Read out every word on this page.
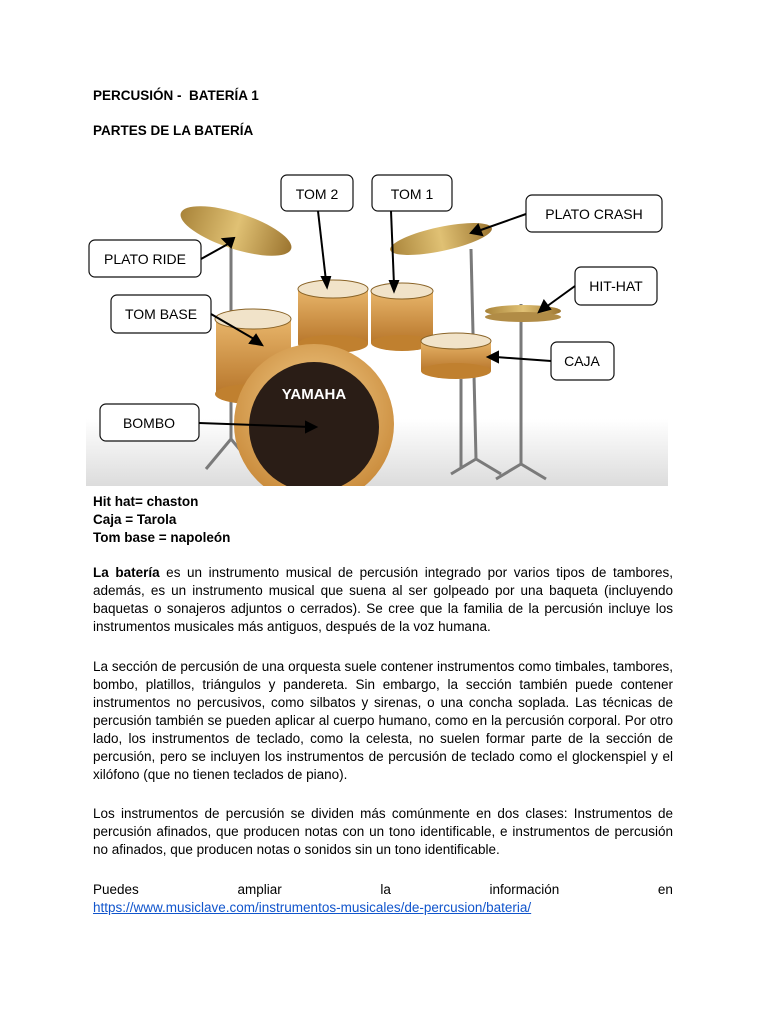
PERCUSIÓN -  BATERÍA 1
PARTES DE LA BATERÍA
YAMAHA
TOM 2	TOM 1
PLATO CRASH
PLATO RIDE
HIT-HAT
TOM BASE
CAJA
BOMBO
Hit hat= chaston
Caja = Tarola
Tom base = napoleón

La batería es un instrumento musical de percusión integrado por varios tipos de tambores, además, es un instrumento musical que suena al ser golpeado por una baqueta (incluyendo baquetas o sonajeros adjuntos o cerrados). Se cree que la familia de la percusión incluye los instrumentos musicales más antiguos, después de la voz humana.

La sección de percusión de una orquesta suele contener instrumentos como timbales, tambores, bombo, platillos, triángulos y pandereta. Sin embargo, la sección también puede contener instrumentos no percusivos, como silbatos y sirenas, o una concha soplada. Las técnicas de percusión también se pueden aplicar al cuerpo humano, como en la percusión corporal. Por otro lado, los instrumentos de teclado, como la celesta, no suelen formar parte de la sección de percusión, pero se incluyen los instrumentos de percusión de teclado como el glockenspiel y el xilófono (que no tienen teclados de piano).

Los instrumentos de percusión se dividen más comúnmente en dos clases: Instrumentos de percusión afinados, que producen notas con un tono identificable, e instrumentos de percusión no afinados, que producen notas o sonidos sin un tono identificable.

Puedes	ampliar	la	información	en
https://www.musiclave.com/instrumentos-musicales/de-percusion/bateria/
